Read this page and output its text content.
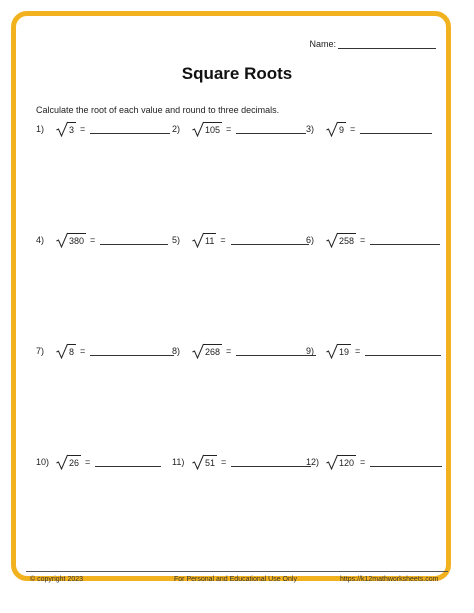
Name:
Square Roots
Calculate the root of each value and round to three decimals.
1)	3 =	2)	105 =	3)	9 =
4)	380 =	5)	11 =	6)	258 =
7)	8 =	8)	268 =	9)	19 =
10)	26 =	11)	51 =	12)	120 =
© copyright 2023	For Personal and Educational Use Only	https://k12mathworksheets.com
